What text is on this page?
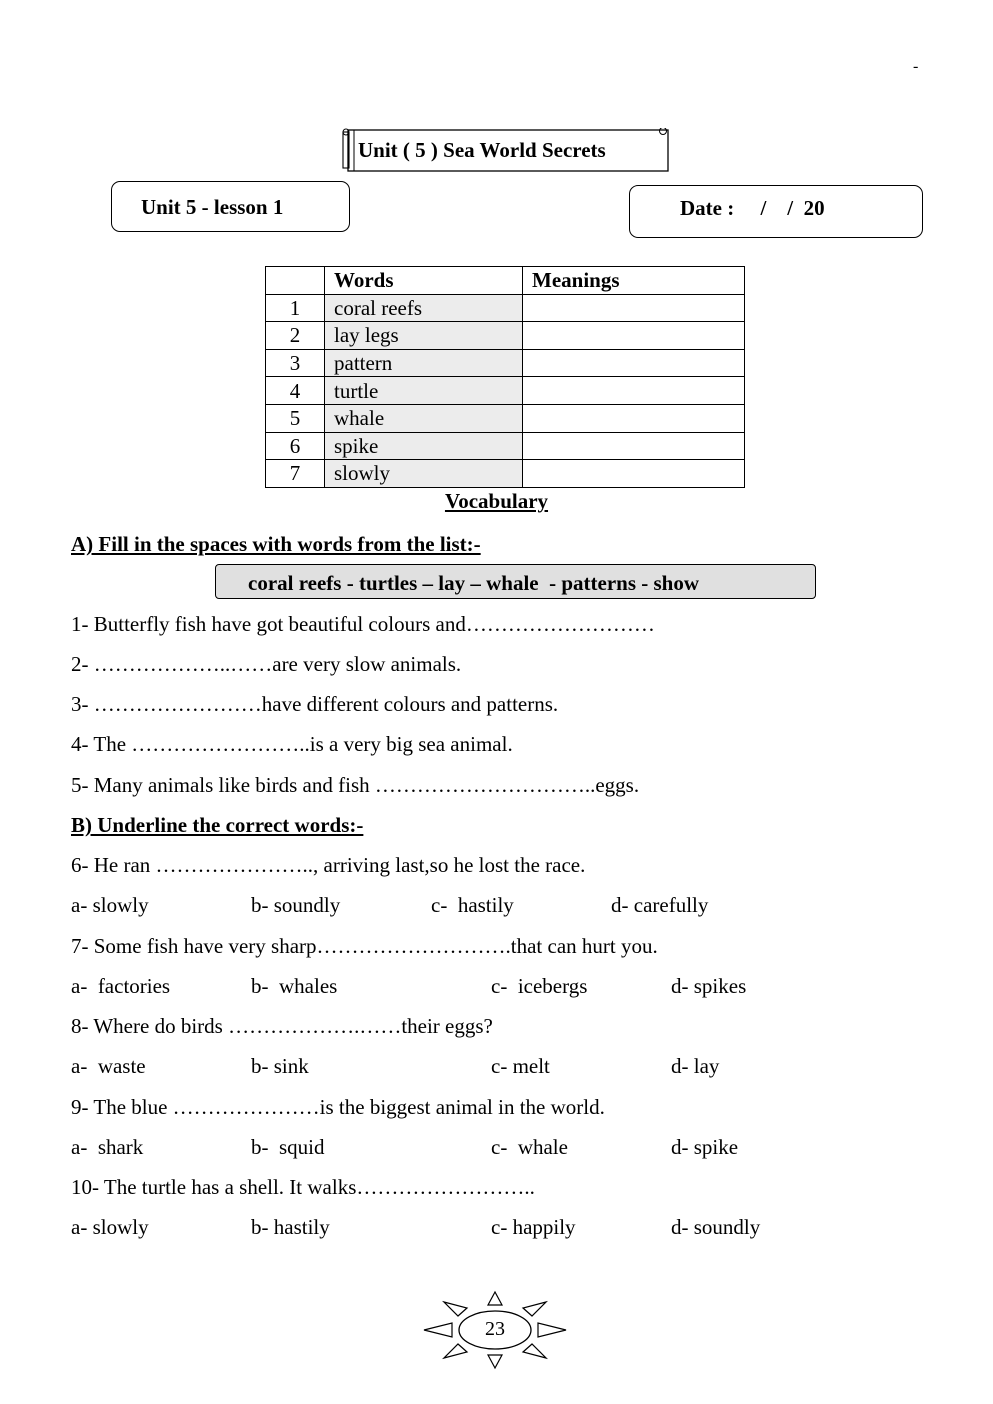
-
Unit ( 5 ) Sea World Secrets
Unit 5 - lesson 1	Date :     /    /  20
	Words	Meanings
1	coral reefs	
2	lay legs	
3	pattern	
4	turtle	
5	whale	
6	spike	
7	slowly	
Vocabulary
A) Fill in the spaces with words from the list:-
coral reefs - turtles – lay – whale  - patterns - show
1- Butterfly fish have got beautiful colours and………………………
2- ………………..……are very slow animals.
3- ……………………have different colours and patterns.
4- The ……………………..is a very big sea animal.
5- Many animals like birds and fish …………………………..eggs.
B) Underline the correct words:-
6- He ran ………………….., arriving last,so he lost the race.
a- slowly	b- soundly	c-  hastily	d- carefully
7- Some fish have very sharp……………………….that can hurt you.
a-  factories	b-  whales	c-  icebergs	d- spikes
8- Where do birds ……………….……their eggs?
a-  waste	b- sink	c- melt	d- lay
9- The blue …………………is the biggest animal in the world.
a-  shark	b-  squid	c-  whale	d- spike
10- The turtle has a shell. It walks……………………..
a- slowly	b- hastily	c- happily	d- soundly
23
